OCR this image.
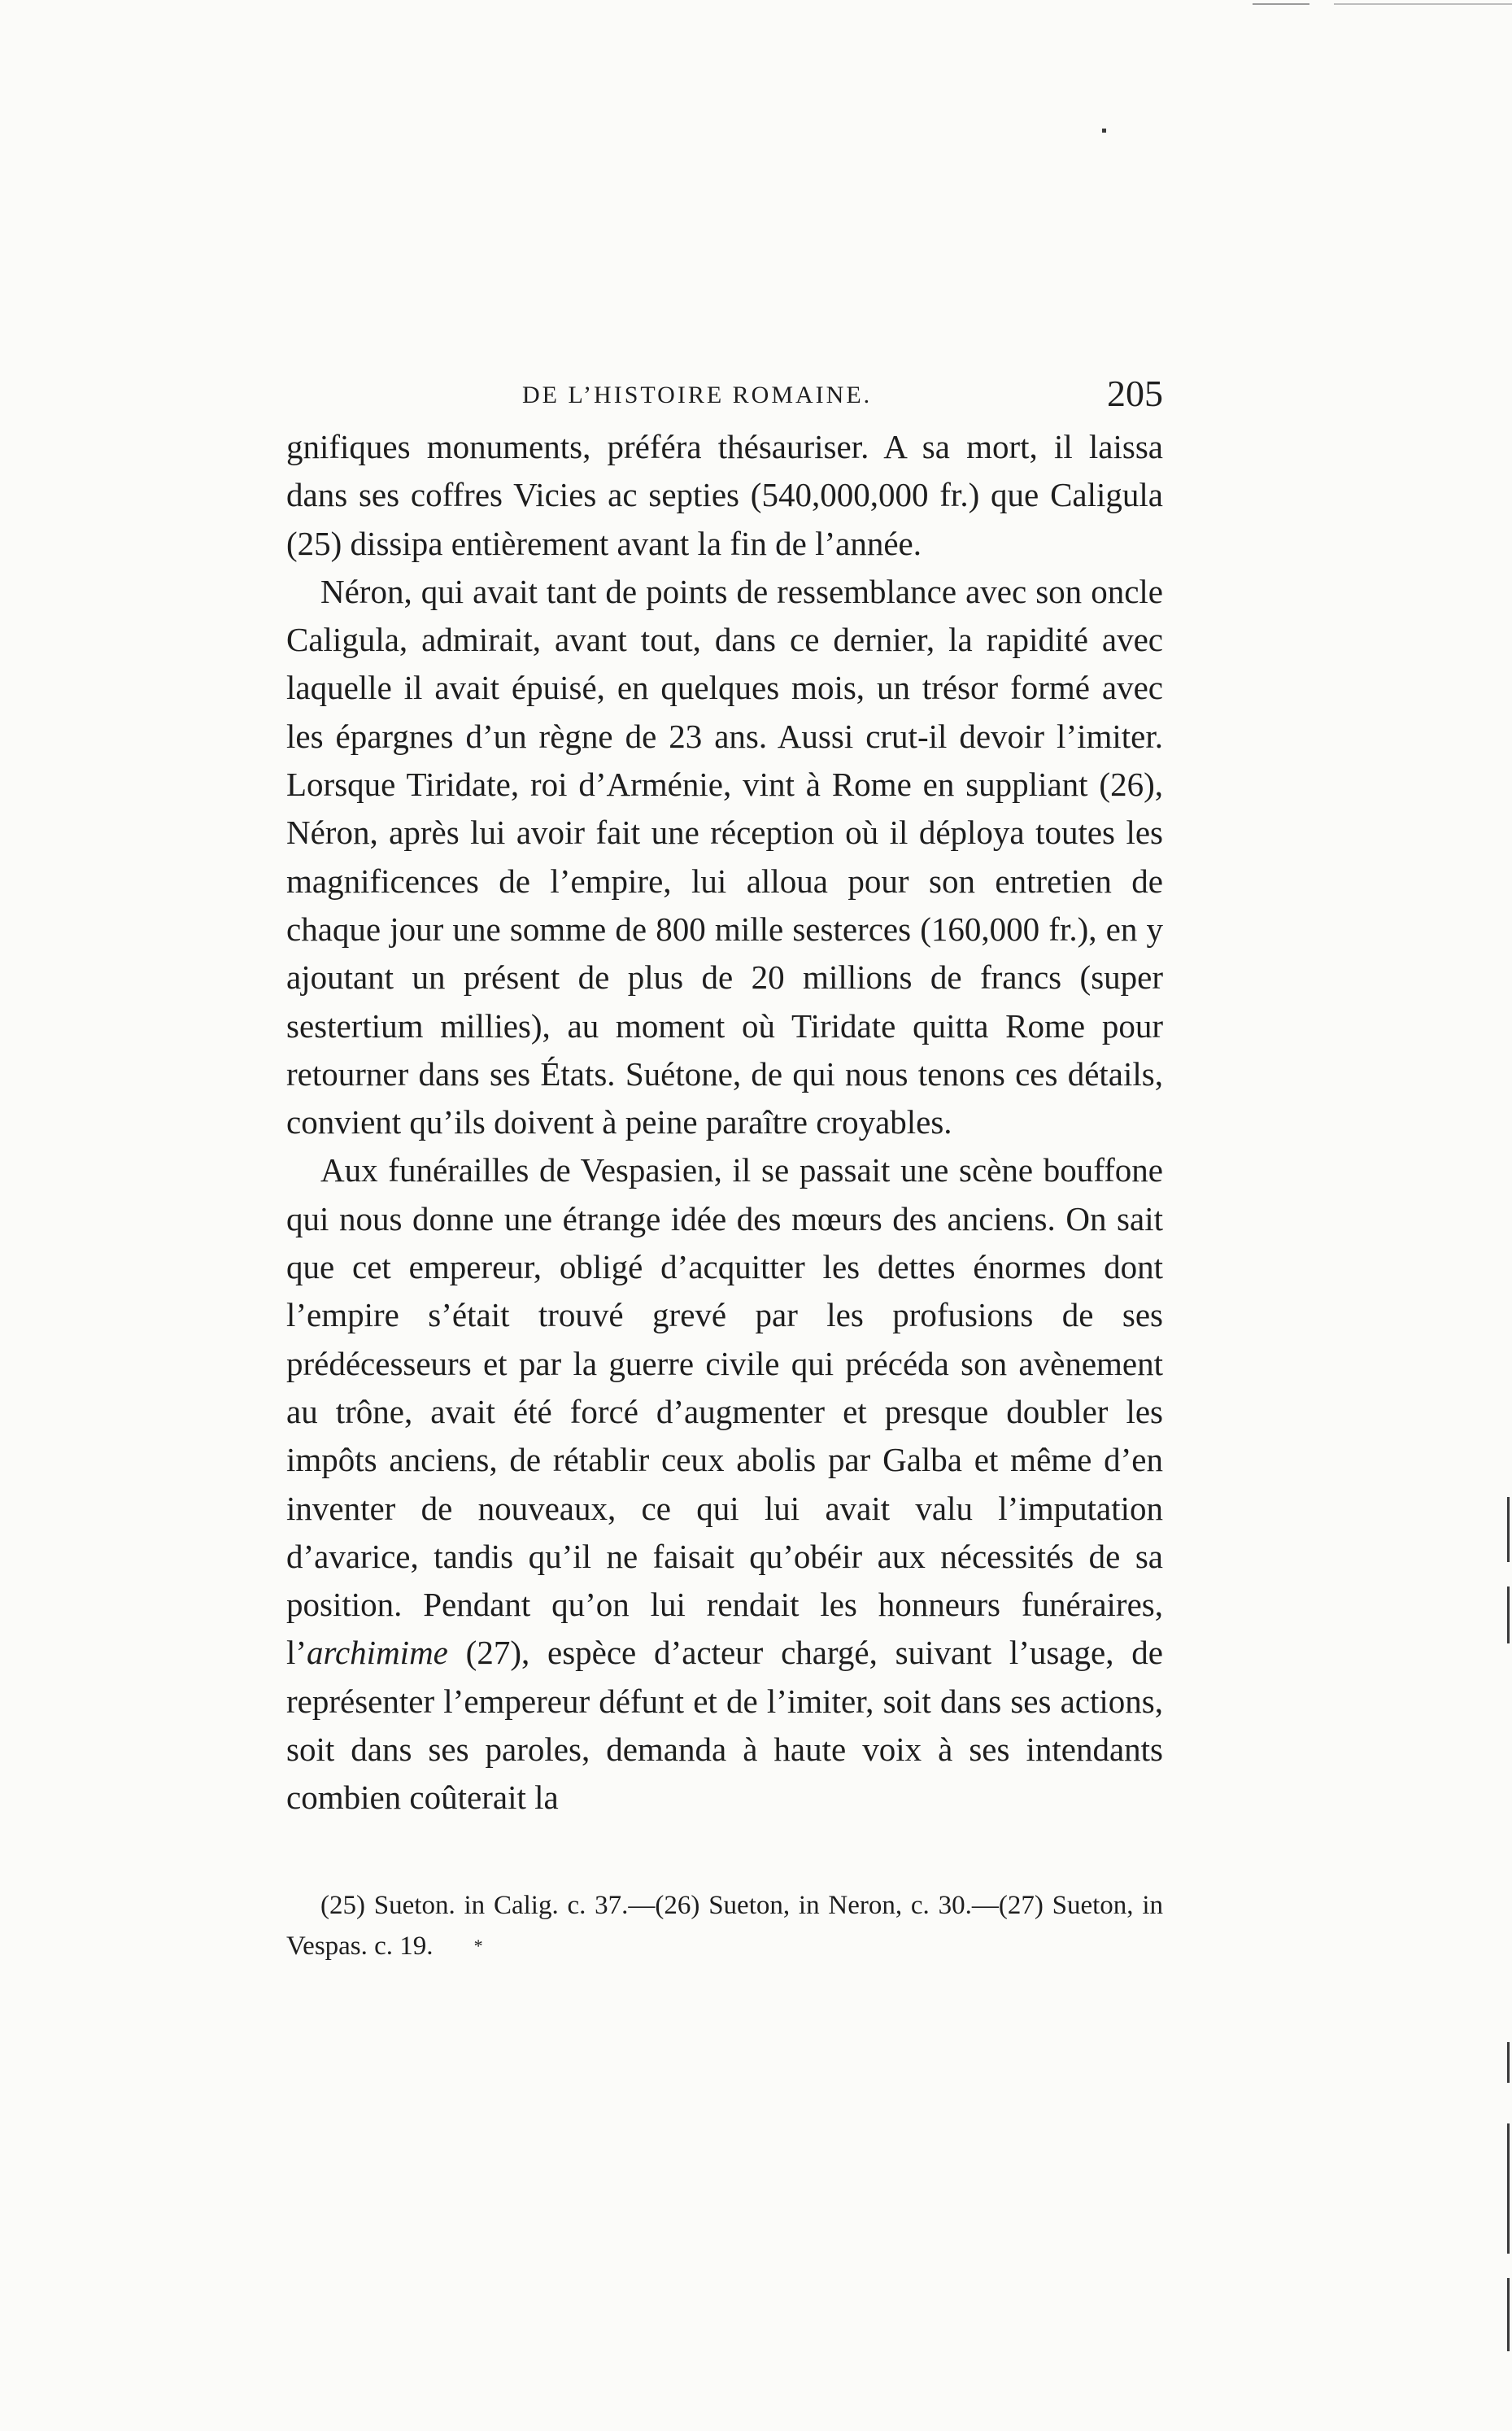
DE L’HISTOIRE ROMAINE.	205

gnifiques monuments, préféra thésauriser. A sa mort, il laissa dans ses coffres Vicies ac septies (540,000,000 fr.) que Caligula (25) dissipa entièrement avant la fin de l’année.

Néron, qui avait tant de points de ressemblance avec son oncle Caligula, admirait, avant tout, dans ce dernier, la rapidité avec laquelle il avait épuisé, en quelques mois, un trésor formé avec les épargnes d’un règne de 23 ans. Aussi crut-il devoir l’imiter. Lorsque Tiridate, roi d’Arménie, vint à Rome en suppliant (26), Néron, après lui avoir fait une réception où il déploya toutes les magnificences de l’empire, lui alloua pour son entretien de chaque jour une somme de 800 mille sesterces (160,000 fr.), en y ajoutant un présent de plus de 20 millions de francs (super sestertium millies), au moment où Tiridate quitta Rome pour retourner dans ses États. Suétone, de qui nous tenons ces détails, convient qu’ils doivent à peine paraître croyables.

Aux funérailles de Vespasien, il se passait une scène bouffone qui nous donne une étrange idée des mœurs des anciens. On sait que cet empereur, obligé d’acquitter les dettes énormes dont l’empire s’était trouvé grevé par les profusions de ses prédécesseurs et par la guerre civile qui précéda son avènement au trône, avait été forcé d’augmenter et presque doubler les impôts anciens, de rétablir ceux abolis par Galba et même d’en inventer de nouveaux, ce qui lui avait valu l’imputation d’avarice, tandis qu’il ne faisait qu’obéir aux nécessités de sa position. Pendant qu’on lui rendait les honneurs funéraires, l’archimime (27), espèce d’acteur chargé, suivant l’usage, de représenter l’empereur défunt et de l’imiter, soit dans ses actions, soit dans ses paroles, demanda à haute voix à ses intendants combien coûterait la

(25) Sueton. in Calig. c. 37.—(26) Sueton, in Neron, c. 30.—(27) Sueton, in Vespas. c. 19. *
